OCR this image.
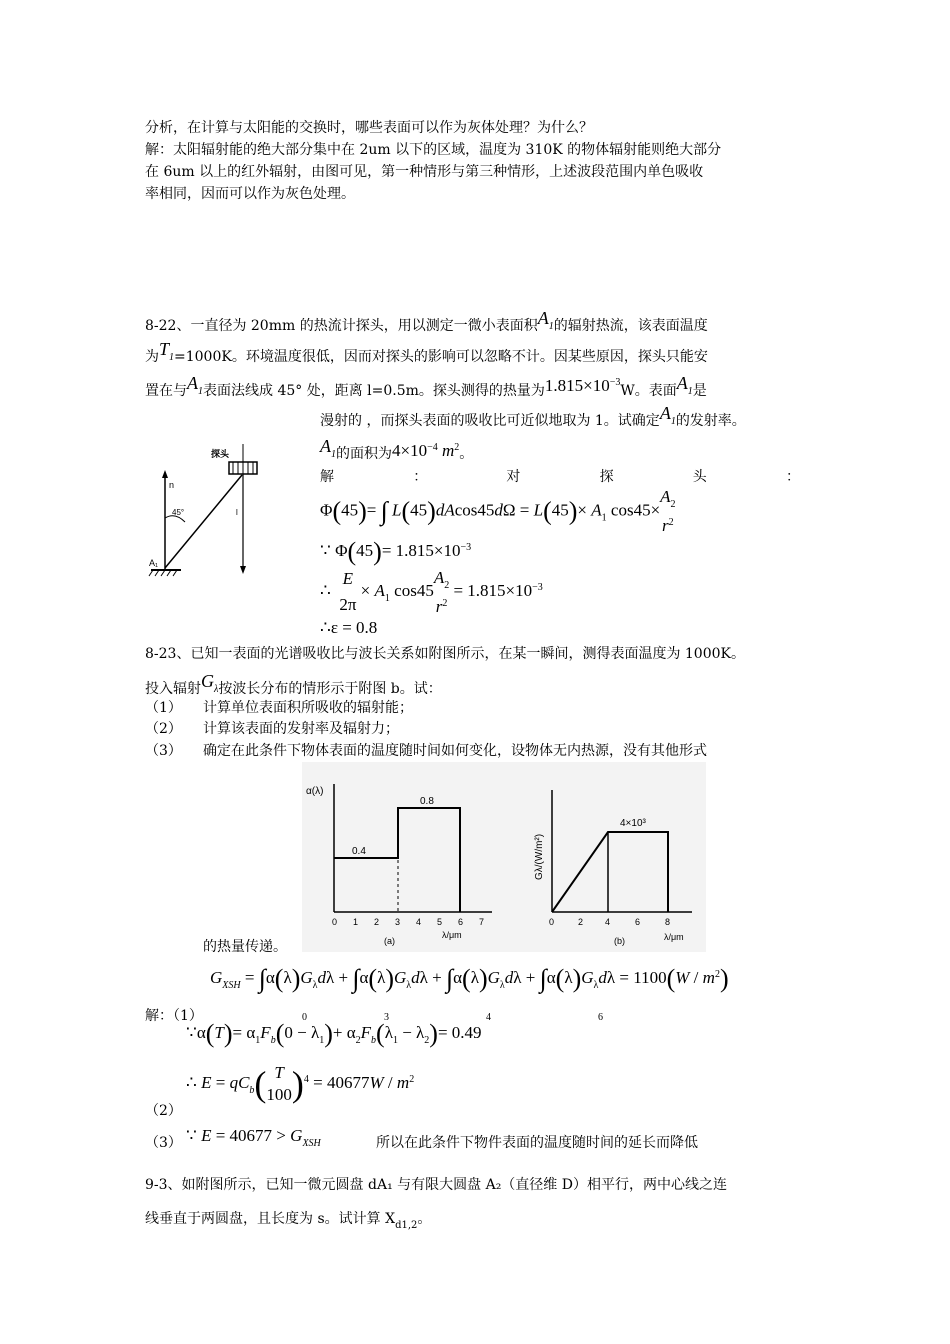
分析，在计算与太阳能的交换时，哪些表面可以作为灰体处理？为什么？
解：太阳辐射能的绝大部分集中在 2um 以下的区域，温度为 310K 的物体辐射能则绝大部分
在 6um 以上的红外辐射，由图可见，第一种情形与第三种情形，上述波段范围内单色吸收
率相同，因而可以作为灰色处理。
8-22、一直径为 20mm 的热流计探头，用以测定一微小表面积$A_1$的辐射热流，该表面温度
为$T_1=1000K$。环境温度很低，因而对探头的影响可以忽略不计。因某些原因，探头只能安
置在与$A_1$表面法线成 45° 处，距离 l=0.5m。探头测得的热量为$1.815\times 10^{-3}W$。表面$A_1$是
漫射的 ，而探头表面的吸收比可近似地取为 1。试确定$A_1$的发射率。
$A_1$的面积为$4\times 10^{-4}$ $m^2$。
解	：	对	探	头	：
Φ(45)= ∫ $L(45)dAcos45d\Omega = L(45)\times A_1$ $\cos 45\times A_2$
$r^2$
∵ $\Phi(45)= 1.815\times 10^{-3}$
∴  E
$2\pi \times A_1$ $\cos 45A_2$
$r^2 = 1.815\times 10^{-3}$
∴ε = 0.8
n
45°
探头
l
A₁
8-23、已知一表面的光谱吸收比与波长关系如附图所示，在某一瞬间，测得表面温度为 1000K。
投入辐射$G_\lambda$按波长分布的情形示于附图 b。试：
（1） 计算单位表面积所吸收的辐射能；
（2） 计算该表面的发射率及辐射力；
（3） 确定在此条件下物体表面的温度随时间如何变化，设物体无内热源，没有其他形式
α(λ)
0.4
0.8
0 1 2 3 4 5 6 7
λ/μm
(a)
Gλ/(W/m²)
4×10³
0	2 4	6	8
λ/μm
(b)
的热量传递。
$G_{XSH} = \int\alpha(\lambda)G_\lambda d\lambda + \int\alpha(\lambda)G_\lambda d\lambda + \int\alpha(\lambda)G_\lambda d\lambda + \int\alpha(\lambda)G_\lambda d\lambda = 1100(W / m^2)$
0	3	4	6
解：（1）
∵α(T)= $\alpha_1F_b(0 - \lambda_1)+ \alpha_2F_b(\lambda_1 - \lambda_2)= 0.49$
∴ $E = qC_b$( T
$100)^4 = 40677W / m^2$
（2）
（3） ∵ $E = 40677 > G_{XSH}$	所以在此条件下物件表面的温度随时间的延长而降低
9-3、如附图所示，已知一微元圆盘 dA₁ 与有限大圆盘 A₂（直径维 D）相平行，两中心线之连
线垂直于两圆盘，且长度为 s。试计算 $X_{d1,2}$。
